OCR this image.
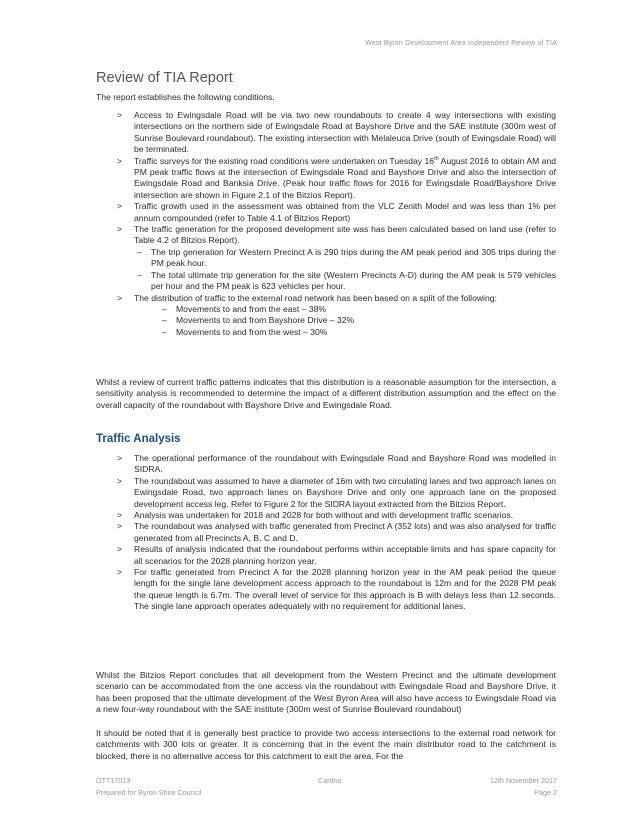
West Byron Development Area Independent Review of TIA
Review of TIA Report
The report establishes the following conditions.
> Access to Ewingsdale Road will be via two new roundabouts to create 4 way intersections with existing intersections on the northern side of Ewingsdale Road at Bayshore Drive and the SAE institute (300m west of Sunrise Boulevard roundabout). The existing intersection with Melaleuca Drive (south of Ewingsdale Road) will be terminated.
> Traffic surveys for the existing road conditions were undertaken on Tuesday 16th August 2016 to obtain AM and PM peak traffic flows at the intersection of Ewingsdale Road and Bayshore Drive and also the intersection of Ewingsdale Road and Banksia Drive. (Peak hour traffic flows for 2016 for Ewingsdale Road/Bayshore Drive intersection are shown in Figure 2.1 of the Bitzios Report).
> Traffic growth used in the assessment was obtained from the VLC Zenith Model and was less than 1% per annum compounded (refer to Table 4.1 of Bitzios Report)
> The traffic generation for the proposed development site was has been calculated based on land use (refer to Table 4.2 of Bitzios Report).
– The trip generation for Western Precinct A is 290 trips during the AM peak period and 305 trips during the PM peak hour.
– The total ultimate trip generation for the site (Western Precincts A-D) during the AM peak is 579 vehicles per hour and the PM peak is 623 vehicles per hour.
> The distribution of traffic to the external road network has been based on a split of the following:
– Movements to and from the east – 38%
– Movements to and from Bayshore Drive – 32%
– Movements to and from the west – 30%
Whilst a review of current traffic patterns indicates that this distribution is a reasonable assumption for the intersection, a sensitivity analysis is recommended to determine the impact of a different distribution assumption and the effect on the overall capacity of the roundabout with Bayshore Drive and Ewingsdale Road.
Traffic Analysis
> The operational performance of the roundabout with Ewingsdale Road and Bayshore Road was modelled in SIDRA.
> The roundabout was assumed to have a diameter of 16m with two circulating lanes and two approach lanes on Ewingsdale Road, two approach lanes on Bayshore Drive and only one approach lane on the proposed development access leg. Refer to Figure 2 for the SIDRA layout extracted from the Bitzios Report.
> Analysis was undertaken for 2018 and 2028 for both without and with development traffic scenarios.
> The roundabout was analysed with traffic generated from Precinct A (352 lots) and was also analysed for traffic generated from all Precincts A, B, C and D.
> Results of analysis indicated that the roundabout performs within acceptable limits and has spare capacity for all scenarios for the 2028 planning horizon year.
> For traffic generated from Precinct A for the 2028 planning horizon year in the AM peak period the queue length for the single lane development access approach to the roundabout is 12m and for the 2028 PM peak the queue length is 6.7m. The overall level of service for this approach is B with delays less than 12 seconds. The single lane approach operates adequately with no requirement for additional lanes.
Whilst the Bitzios Report concludes that all development from the Western Precinct and the ultimate development scenario can be accommodated from the one access via the roundabout with Ewingsdale Road and Bayshore Drive, it has been proposed that the ultimate development of the West Byron Area will also have access to Ewingsdale Road via a new four-way roundabout with the SAE institute (300m west of Sunrise Boulevard roundabout)
It should be noted that it is generally best practice to provide two access intersections to the external road network for catchments with 300 lots or greater. It is concerning that in the event the main distributor road to the catchment is blocked, there is no alternative access for this catchment to exit the area. For the
OTT17013	Cardno	12th November 2017
Prepared for Byron Shire Council	Page 2
